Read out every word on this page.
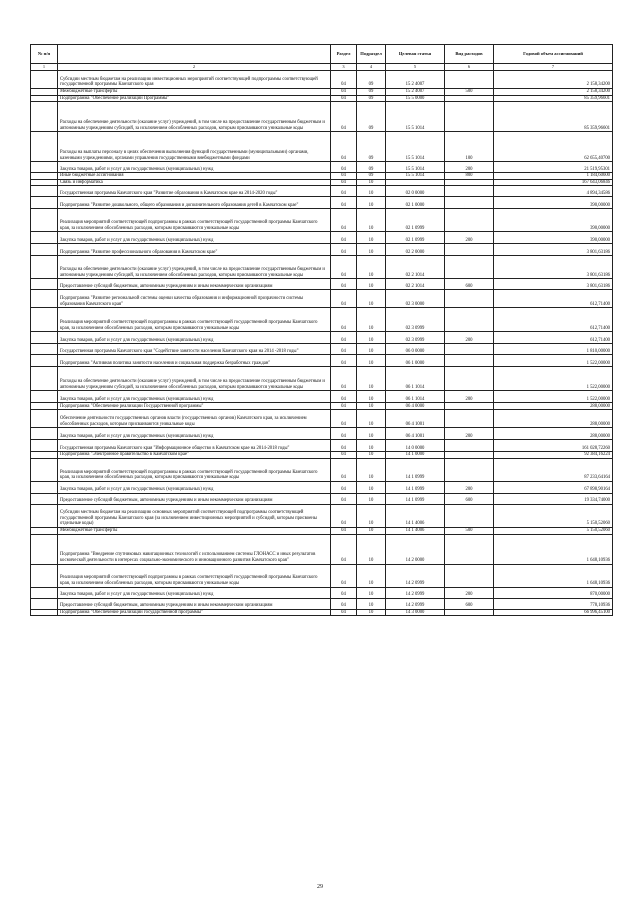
№ п/п		Раздел	Подраздел	Целевая статья	Вид расходов	Годовой объем ассигнований
1	2	3	4	5	6	7
	Субсидии местным бюджетам на реализацию инвестиционных мероприятий соответствующей подпрограммы соответствующей государственной программы Камчатского края	04	09	15 2 4007		2 158,34200
	Межбюджетные трансферты	04	09	15 2 4007	500	2 158,34200
	Подпрограмма "Обеспечение реализации Программы"	04	09	15 5 0000		85 359,96601
	Расходы на обеспечение деятельности (оказание услуг) учреждений, в том числе на предоставление государственным бюджетным и автономным учреждениям субсидий, за исключением обособленных расходов, которым присваиваются уникальные коды	04	09	15 5 1014		85 359,96601
	Расходы на выплаты персоналу в целях обеспечения выполнения функций государственными (муниципальными) органами, казенными учреждениями, органами управления государственными внебюджетными фондами	04	09	15 5 1014	100	62 655,40700
	Закупка товаров, работ и услуг для государственных (муниципальных) нужд	04	09	15 5 1014	200	21 519,95301
	Иные бюджетные ассигнования	04	09	15 5 1014	800	1 184,60600
	Связь и информатика	04	10			167 643,06846
	Государственная программа Камчатского края "Развитие образования в Камчатском крае на 2014-2020 годы"	04	10	02 0 0000		4 894,34586
	Подпрограмма "Развитие дошкольного, общего образования и дополнительного образования детей в Камчатском крае"	04	10	02 1 0000		390,00000
	Реализация мероприятий соответствующей подпрограммы в рамках соответствующей государственной программы Камчатского края, за исключением обособленных расходов, которым присваиваются уникальные коды	04	10	02 1 0999		390,00000
	Закупка товаров, работ и услуг для государственных (муниципальных) нужд	04	10	02 1 0999	200	390,00000
	Подпрограмма "Развитие профессионального образования в Камчатском крае"	04	10	02 2 0000		3 801,63186
	Расходы на обеспечение деятельности (оказание услуг) учреждений, в том числе на предоставление государственным бюджетным и автономным учреждениям субсидий, за исключением обособленных расходов, которым присваиваются уникальные коды	04	10	02 2 1014		3 801,63186
	Предоставление субсидий бюджетным, автономным учреждениям и иным некоммерческим организациям	04	10	02 2 1014	600	3 801,63186
	Подпрограмма "Развитие региональной системы оценки качества образования и информационной прозрачности системы образования Камчатского края"	04	10	02 3 0000		612,71400
	Реализация мероприятий соответствующей подпрограммы в рамках соответствующей государственной программы Камчатского края, за исключением обособленных расходов, которым присваиваются уникальные коды	04	10	02 3 0999		612,71400
	Закупка товаров, работ и услуг для государственных (муниципальных) нужд	04	10	02 3 0999	200	612,71400
	Государственная программа Камчатского края "Содействие занятости населения Камчатского края на 2014 -2018 годы"	04	10	06 0 0000		1 810,00000
	Подпрограмма "Активная политика занятости населения и социальная поддержка безработных граждан"	04	10	06 1 0000		1 522,00000
	Расходы на обеспечение деятельности (оказание услуг) учреждений, в том числе на предоставление государственным бюджетным и автономным учреждениям субсидий, за исключением обособленных расходов, которым присваиваются уникальные коды	04	10	06 1 1014		1 522,00000
	Закупка товаров, работ и услуг для государственных (муниципальных) нужд	04	10	06 1 1014	200	1 522,00000
	Подпрограмма "Обеспечение реализации Государственной программы"	04	10	06 4 0000		288,00000
	Обеспечение деятельности государственных органов власти (государственных органов) Камчатского края, за исключением обособленных расходов, которым присваиваются уникальные коды	04	10	06 4 1001		288,00000
	Закупка товаров, работ и услуг для государственных (муниципальных) нужд	04	10	06 4 1001	200	288,00000
	Государственная программа Камчатского края "Информационное общество в Камчатском крае на 2014-2018 годы"	04	10	14 0 0000		161 028,72260
	Подпрограмма "Электронное правительство в Камчатском крае"	04	10	14 1 0000		92 384,16224
	Реализация мероприятий соответствующей подпрограммы в рамках соответствующей государственной программы Камчатского края, за исключением обособленных расходов, которым присваиваются уникальные коды	04	10	14 1 0999		87 233,64164
	Закупка товаров, работ и услуг для государственных (муниципальных) нужд	04	10	14 1 0999	200	67 898,90164
	Предоставление субсидий бюджетным, автономным учреждениям и иным некоммерческим организациям	04	10	14 1 0999	600	19 334,74000
	Субсидии местным бюджетам на реализацию основных мероприятий соответствующей подпрограммы соответствующей государственной программы Камчатского края (за исключением инвестиционных мероприятий и субсидий, которым присвоены отдельные коды)	04	10	14 1 4006		5 150,52060
	Межбюджетные трансферты	04	10	14 1 4006	500	5 150,52060
	Подпрограмма "Внедрение спутниковых навигационных технологий с использованием системы ГЛОНАСС и иных результатов космической деятельности в интересах социально-экономического и инновационного развития Камчатского края"	04	10	14 2 0000		1 648,10936
	Реализация мероприятий соответствующей подпрограммы в рамках соответствующей государственной программы Камчатского края, за исключением обособленных расходов, которым присваиваются уникальные коды	04	10	14 2 0999		1 648,10936
	Закупка товаров, работ и услуг для государственных (муниципальных) нужд	04	10	14 2 0999	200	870,00000
	Предоставление субсидий бюджетным, автономным учреждениям и иным некоммерческим организациям	04	10	14 2 0999	600	778,10936
	Подпрограмма "Обеспечение реализации государственной программы"	04	10	14 3 0000		66 996,45100
29
